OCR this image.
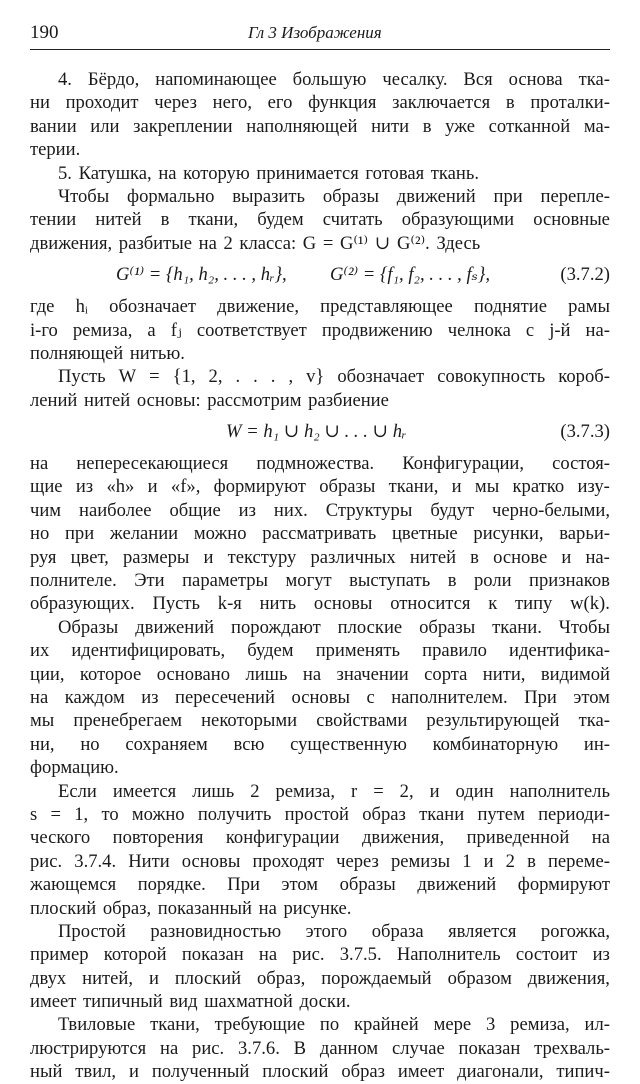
190	Гл 3 Изображения
4. Бёрдо, напоминающее большую чесалку. Вся основа тка-
ни проходит через него, его функция заключается в проталки-
вании или закреплении наполняющей нити в уже сотканной ма-
терии.
5. Катушка, на которую принимается готовая ткань.
Чтобы формально выразить образы движений при перепле-
тении нитей в ткани, будем считать образующими основные
движения, разбитые на 2 класса: G = G⁽¹⁾ ∪ G⁽²⁾. Здесь
G⁽¹⁾ = {h₁, h₂, . . . , hᵣ}, G⁽²⁾ = {f₁, f₂, . . . , fₛ},	(3.7.2)
где hᵢ обозначает движение, представляющее поднятие рамы
i-го ремиза, а fⱼ соответствует продвижению челнока с j-й на-
полняющей нитью.
Пусть W = {1, 2, . . . , v} обозначает совокупность короб-
лений нитей основы: рассмотрим разбиение
W = h₁ ∪ h₂ ∪ . . . ∪ hᵣ	(3.7.3)
на непересекающиеся подмножества. Конфигурации, состоя-
щие из «h» и «f», формируют образы ткани, и мы кратко изу-
чим наиболее общие из них. Структуры будут черно-белыми,
но при желании можно рассматривать цветные рисунки, варьи-
руя цвет, размеры и текстуру различных нитей в основе и на-
полнителе. Эти параметры могут выступать в роли признаков
образующих. Пусть k-я нить основы относится к типу w(k).
Образы движений порождают плоские образы ткани. Чтобы
их идентифицировать, будем применять правило идентифика-
ции, которое основано лишь на значении сорта нити, видимой
на каждом из пересечений основы с наполнителем. При этом
мы пренебрегаем некоторыми свойствами результирующей тка-
ни, но сохраняем всю существенную комбинаторную ин-
формацию.
Если имеется лишь 2 ремиза, r = 2, и один наполнитель
s = 1, то можно получить простой образ ткани путем периоди-
ческого повторения конфигурации движения, приведенной на
рис. 3.7.4. Нити основы проходят через ремизы 1 и 2 в переме-
жающемся порядке. При этом образы движений формируют
плоский образ, показанный на рисунке.
Простой разновидностью этого образа является рогожка,
пример которой показан на рис. 3.7.5. Наполнитель состоит из
двух нитей, и плоский образ, порождаемый образом движения,
имеет типичный вид шахматной доски.
Твиловые ткани, требующие по крайней мере 3 ремиза, ил-
люстрируются на рис. 3.7.6. В данном случае показан трехваль-
ный твил, и полученный плоский образ имеет диагонали, типич-
